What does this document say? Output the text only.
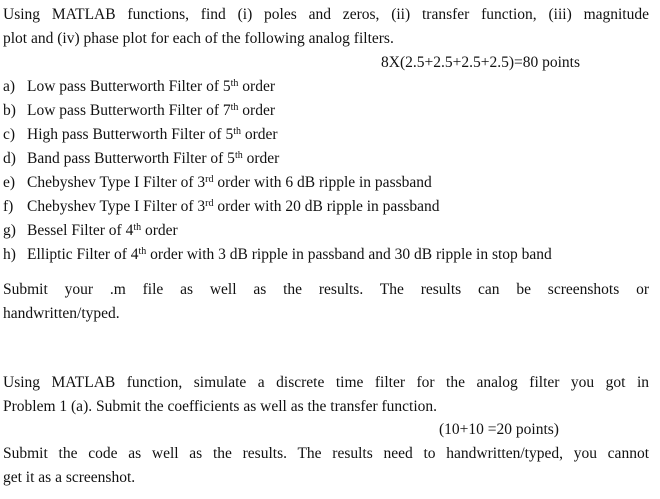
Using MATLAB functions, find (i) poles and zeros, (ii) transfer function, (iii) magnitude
plot and (iv) phase plot for each of the following analog filters.
8X(2.5+2.5+2.5+2.5)=80 points
a) Low pass Butterworth Filter of 5th order
b) Low pass Butterworth Filter of 7th order
c) High pass Butterworth Filter of 5th order
d) Band pass Butterworth Filter of 5th order
e) Chebyshev Type I Filter of 3rd order with 6 dB ripple in passband
f) Chebyshev Type I Filter of 3rd order with 20 dB ripple in passband
g) Bessel Filter of 4th order
h) Elliptic Filter of 4th order with 3 dB ripple in passband and 30 dB ripple in stop band
Submit your .m file as well as the results. The results can be screenshots or
handwritten/typed.
Using MATLAB function, simulate a discrete time filter for the analog filter you got in
Problem 1 (a). Submit the coefficients as well as the transfer function.
(10+10 =20 points)
Submit the code as well as the results. The results need to handwritten/typed, you cannot
get it as a screenshot.
